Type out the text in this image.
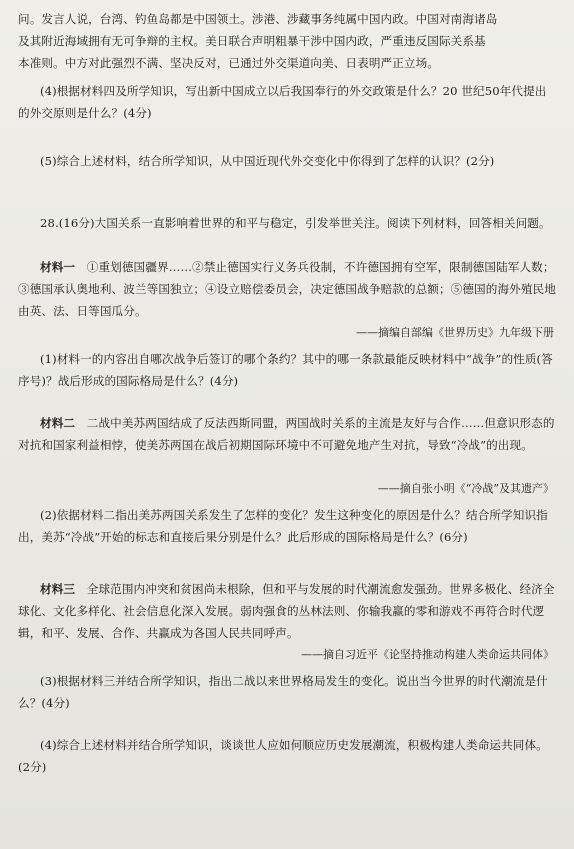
问。发言人说，台湾、钓鱼岛都是中国领土。涉港、涉藏事务纯属中国内政。中国对南海诸岛

及其附近海域拥有无可争辩的主权。美日联合声明粗暴干涉中国内政，严重违反国际关系基

本准则。中方对此强烈不满、坚决反对，已通过外交渠道向美、日表明严正立场。

(4)根据材料四及所学知识，写出新中国成立以后我国奉行的外交政策是什么？20 世纪50年代提出的外交原则是什么？(4分)

(5)综合上述材料，结合所学知识，从中国近现代外交变化中你得到了怎样的认识？(2分)

28.(16分)大国关系一直影响着世界的和平与稳定，引发举世关注。阅读下列材料，回答相关问题。

材料一　①重划德国疆界……②禁止德国实行义务兵役制，不许德国拥有空军，限制德国陆军人数；③德国承认奥地利、波兰等国独立；④设立赔偿委员会，决定德国战争赔款的总额；⑤德国的海外殖民地由英、法、日等国瓜分。

——摘编自部编《世界历史》九年级下册

(1)材料一的内容出自哪次战争后签订的哪个条约？其中的哪一条款最能反映材料中“战争”的性质(答序号)？战后形成的国际格局是什么？(4分)

材料二　二战中美苏两国结成了反法西斯同盟，两国战时关系的主流是友好与合作……但意识形态的对抗和国家利益相悖，使美苏两国在战后初期国际环境中不可避免地产生对抗，导致“冷战”的出现。

——摘自张小明《“冷战”及其遗产》

(2)依据材料二指出美苏两国关系发生了怎样的变化？发生这种变化的原因是什么？结合所学知识指出，美苏“冷战”开始的标志和直接后果分别是什么？此后形成的国际格局是什么？(6分)

材料三　全球范围内冲突和贫困尚未根除，但和平与发展的时代潮流愈发强劲。世界多极化、经济全球化、文化多样化、社会信息化深入发展。弱肉强食的丛林法则、你输我赢的零和游戏不再符合时代逻辑，和平、发展、合作、共赢成为各国人民共同呼声。

——摘自习近平《论坚持推动构建人类命运共同体》

(3)根据材料三并结合所学知识，指出二战以来世界格局发生的变化。说出当今世界的时代潮流是什么？(4分)

(4)综合上述材料并结合所学知识，谈谈世人应如何顺应历史发展潮流，积极构建人类命运共同体。(2分)
